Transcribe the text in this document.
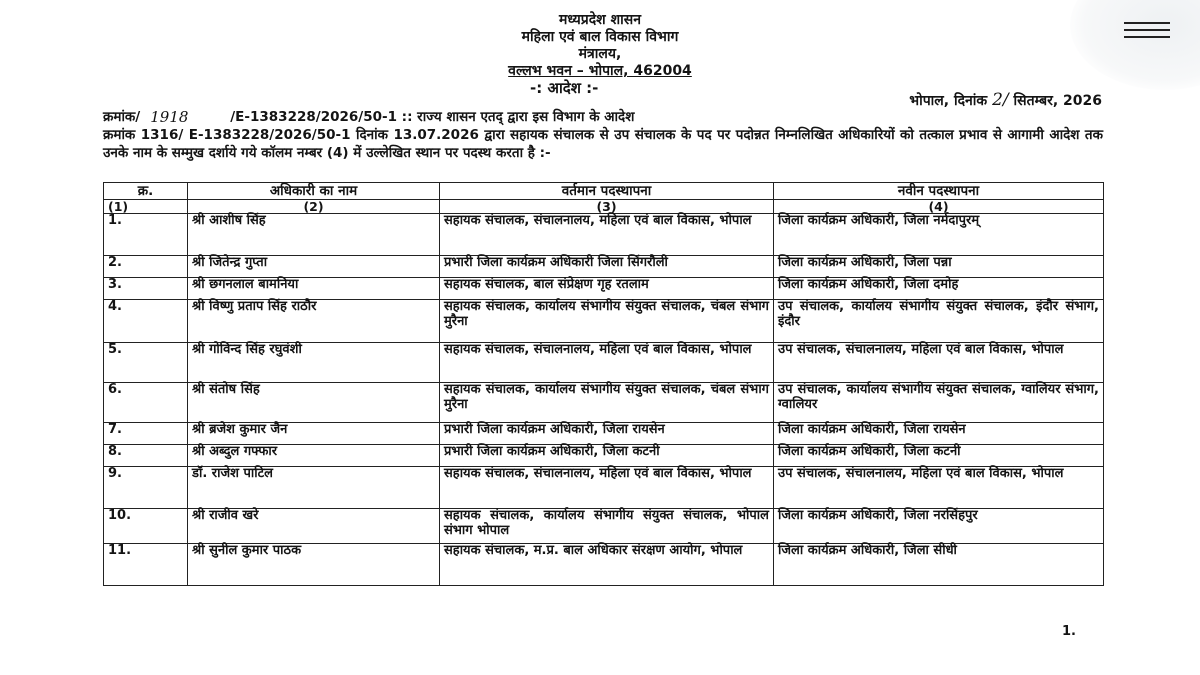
मध्यप्रदेश शासन
महिला एवं बाल विकास विभाग
मंत्रालय,
वल्लभ भवन – भोपाल, 462004
-: आदेश :-
भोपाल, दिनांक 2/ सितम्बर, 2026
क्रमांक/ 1918	/E-1383228/2026/50-1 :: राज्य शासन एतद् द्वारा इस विभाग के आदेश
क्रमांक 1316/ E-1383228/2026/50-1 दिनांक 13.07.2026 द्वारा सहायक संचालक से उप संचालक के पद पर पदोन्नत निम्नलिखित अधिकारियों को तत्काल प्रभाव से आगामी आदेश तक उनके नाम के सम्मुख दर्शाये गये कॉलम नम्बर (4) में उल्लेखित स्थान पर पदस्थ करता है :-
क्र.	अधिकारी का नाम	वर्तमान पदस्थापना	नवीन पदस्थापना
(1)	(2)	(3)	(4)
1.	श्री आशीष सिंह	सहायक संचालक, संचालनालय, महिला एवं बाल विकास, भोपाल	जिला कार्यक्रम अधिकारी, जिला नर्मदापुरम्
2.	श्री जितेन्द्र गुप्ता	प्रभारी जिला कार्यक्रम अधिकारी जिला सिंगरौली	जिला कार्यक्रम अधिकारी, जिला पन्ना
3.	श्री छगनलाल बामनिया	सहायक संचालक, बाल संप्रेक्षण गृह रतलाम	जिला कार्यक्रम अधिकारी, जिला दमोह
4.	श्री विष्णु प्रताप सिंह राठौर	सहायक संचालक, कार्यालय संभागीय संयुक्त संचालक, चंबल संभाग मुरैना	उप संचालक, कार्यालय संभागीय संयुक्त संचालक, इंदौर संभाग, इंदौर
5.	श्री गोविन्द सिंह रघुवंशी	सहायक संचालक, संचालनालय, महिला एवं बाल विकास, भोपाल	उप संचालक, संचालनालय, महिला एवं बाल विकास, भोपाल
6.	श्री संतोष सिंह	सहायक संचालक, कार्यालय संभागीय संयुक्त संचालक, चंबल संभाग मुरैना	उप संचालक, कार्यालय संभागीय संयुक्त संचालक, ग्वालियर संभाग, ग्वालियर
7.	श्री ब्रजेश कुमार जैन	प्रभारी जिला कार्यक्रम अधिकारी, जिला रायसेन	जिला कार्यक्रम अधिकारी, जिला रायसेन
8.	श्री अब्दुल गफ्फार	प्रभारी जिला कार्यक्रम अधिकारी, जिला कटनी	जिला कार्यक्रम अधिकारी, जिला कटनी
9.	डॉ. राजेश पाटिल	सहायक संचालक, संचालनालय, महिला एवं बाल विकास, भोपाल	उप संचालक, संचालनालय, महिला एवं बाल विकास, भोपाल
10.	श्री राजीव खरे	सहायक संचालक, कार्यालय संभागीय संयुक्त संचालक, भोपाल संभाग भोपाल	जिला कार्यक्रम अधिकारी, जिला नरसिंहपुर
11.	श्री सुनील कुमार पाठक	सहायक संचालक, म.प्र. बाल अधिकार संरक्षण आयोग, भोपाल	जिला कार्यक्रम अधिकारी, जिला सीधी
1.
